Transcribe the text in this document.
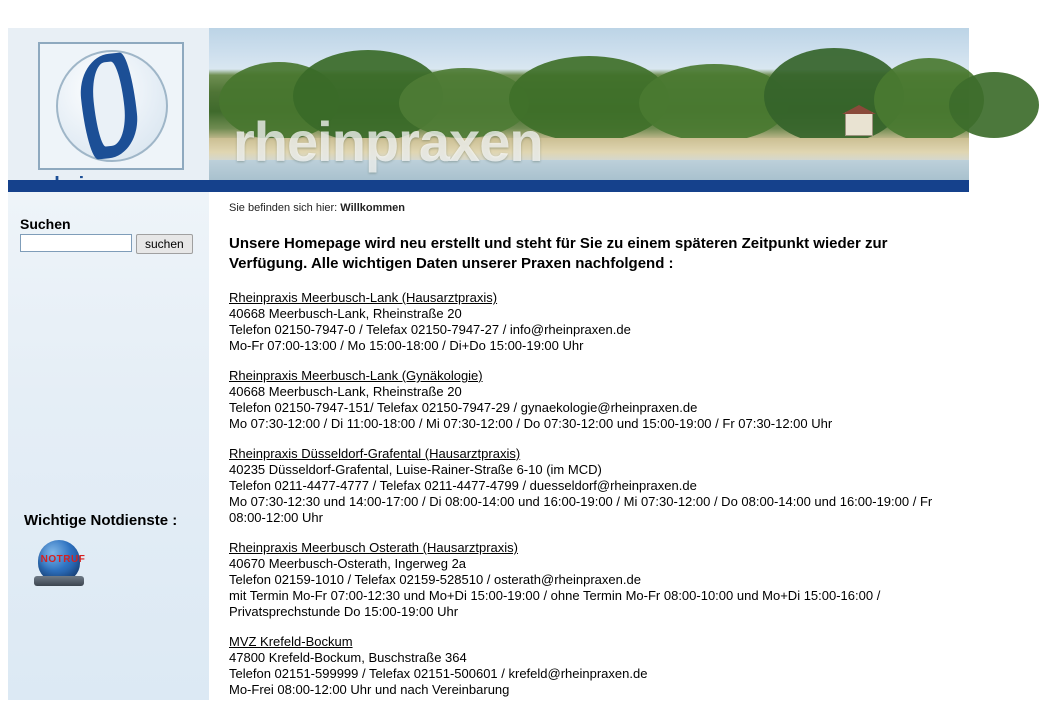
rheinpraxen
Suchen
suchen
Wichtige Notdienste :
NOTRUF
Sie befinden sich hier: Willkommen

Unsere Homepage wird neu erstellt und steht für Sie zu einem späteren Zeitpunkt wieder zur Verfügung. Alle wichtigen Daten unserer Praxen nachfolgend :

Rheinpraxis Meerbusch-Lank (Hausarztpraxis)
40668 Meerbusch-Lank, Rheinstraße 20
Telefon 02150-7947-0 / Telefax 02150-7947-27 / info@rheinpraxen.de
Mo-Fr 07:00-13:00 / Mo 15:00-18:00 / Di+Do 15:00-19:00 Uhr
Rheinpraxis Meerbusch-Lank (Gynäkologie)
40668 Meerbusch-Lank, Rheinstraße 20
Telefon 02150-7947-151/ Telefax 02150-7947-29 / gynaekologie@rheinpraxen.de
Mo 07:30-12:00 / Di 11:00-18:00 / Mi 07:30-12:00 / Do 07:30-12:00 und 15:00-19:00 / Fr 07:30-12:00 Uhr
Rheinpraxis Düsseldorf-Grafental (Hausarztpraxis)
40235 Düsseldorf-Grafental, Luise-Rainer-Straße 6-10 (im MCD)
Telefon 0211-4477-4777 / Telefax 0211-4477-4799 / duesseldorf@rheinpraxen.de
Mo 07:30-12:30 und 14:00-17:00 / Di 08:00-14:00 und 16:00-19:00 / Mi 07:30-12:00 / Do 08:00-14:00 und 16:00-19:00 / Fr 08:00-12:00 Uhr
Rheinpraxis Meerbusch Osterath (Hausarztpraxis)
40670 Meerbusch-Osterath, Ingerweg 2a
Telefon 02159-1010 / Telefax 02159-528510 / osterath@rheinpraxen.de
mit Termin Mo-Fr 07:00-12:30 und Mo+Di 15:00-19:00 / ohne Termin Mo-Fr 08:00-10:00 und Mo+Di 15:00-16:00 / Privatsprechstunde Do 15:00-19:00 Uhr
MVZ Krefeld-Bockum
47800 Krefeld-Bockum, Buschstraße 364
Telefon 02151-599999 / Telefax 02151-500601 / krefeld@rheinpraxen.de
Mo-Frei 08:00-12:00 Uhr und nach Vereinbarung
